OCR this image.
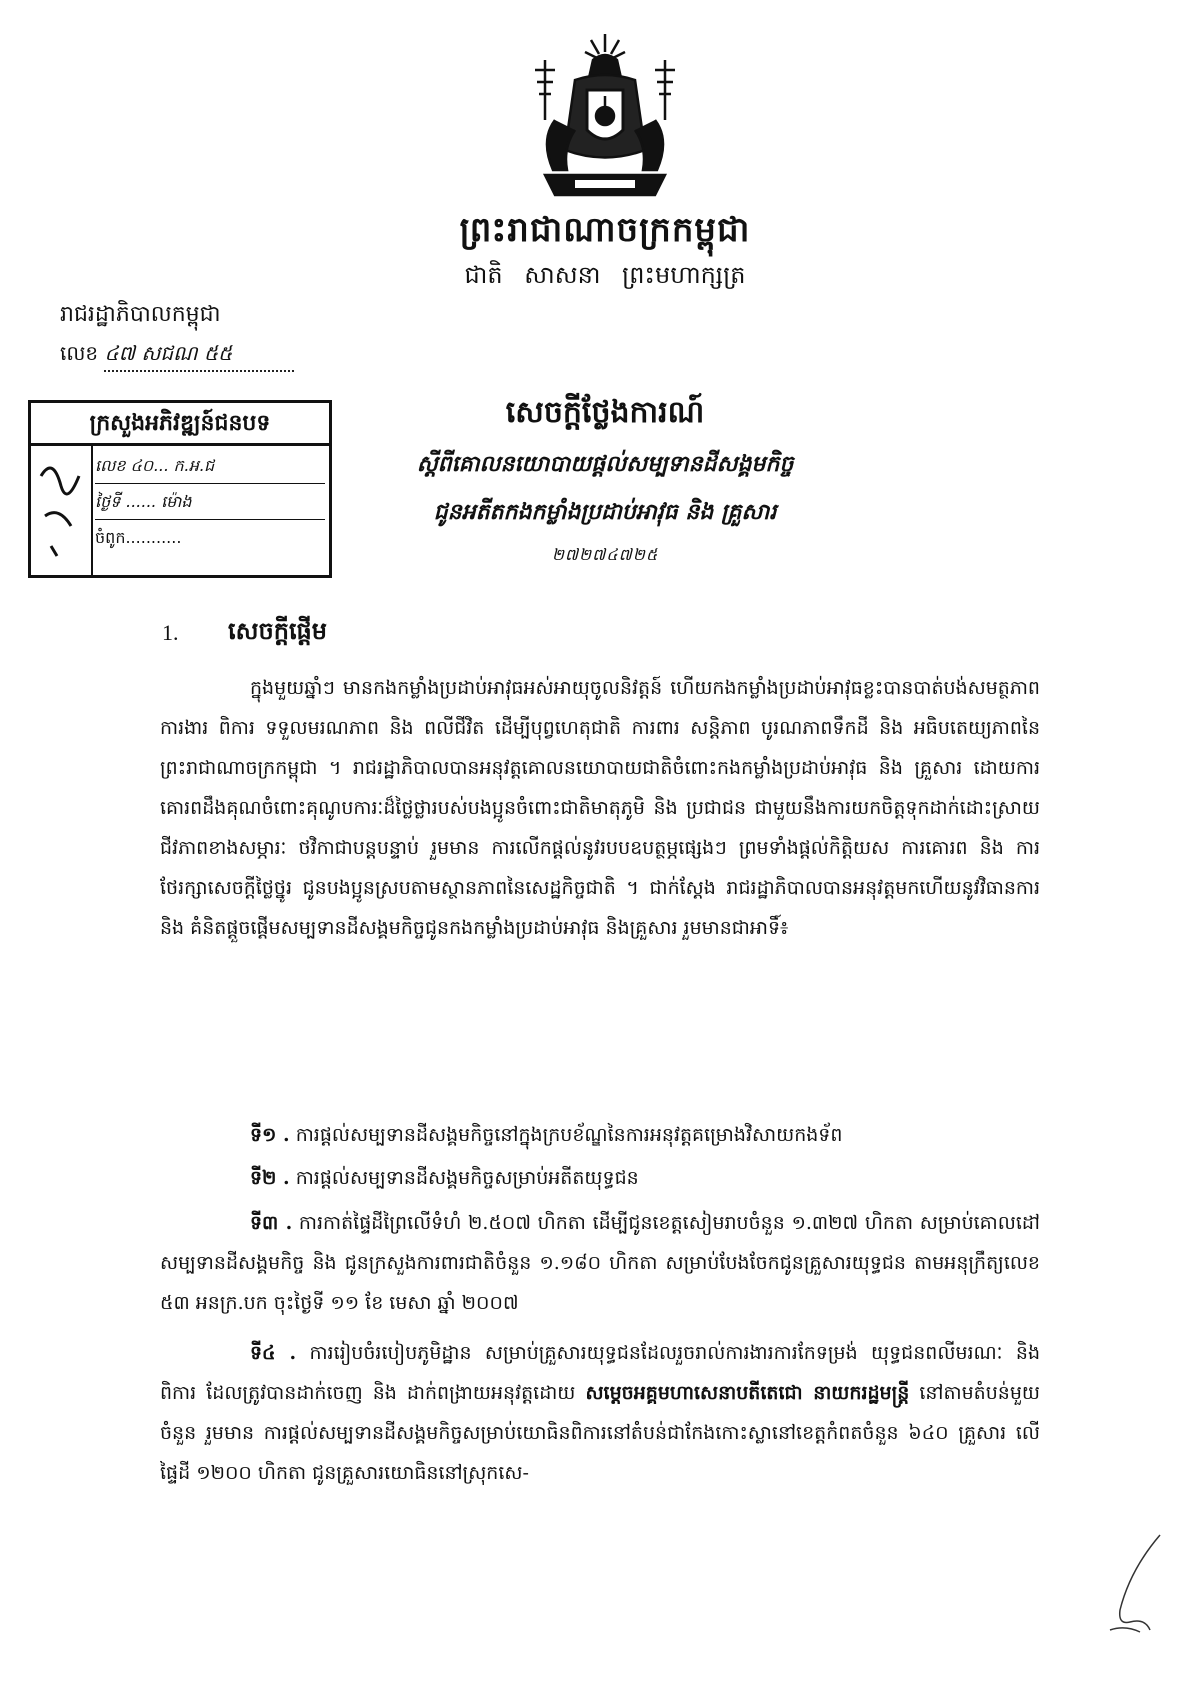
ព្រះរាជាណាចក្រកម្ពុជា
ជាតិ សាសនា ព្រះមហាក្សត្រ
រាជរដ្ឋាភិបាលកម្ពុជា
លេខ ៤៧ សជណ ៥៥
ក្រសួងអភិវឌ្ឍន៍ជនបទ
លេខ ៤០... ក.អ.ជ
ថ្ងៃទី ...... ម៉ោង
ចំពូក...........
សេចក្តីថ្លែងការណ៍
ស្តីពីគោលនយោបាយផ្តល់សម្បទានដីសង្គមកិច្ច
ជូនអតីតកងកម្លាំងប្រដាប់អាវុធ និង គ្រួសារ
២៧២៧៤៧២៥
1. សេចក្តីផ្តើម
ក្នុងមួយឆ្នាំៗ មានកងកម្លាំងប្រដាប់អាវុធអស់អាយុចូលនិវត្តន៍ ហើយកងកម្លាំងប្រដាប់អាវុធខ្លះបានបាត់បង់សមត្ថភាពការងារ ពិការ ទទួលមរណភាព និង ពលីជីវិត ដើម្បីបុព្វហេតុជាតិ ការពារ សន្តិភាព បូរណភាពទឹកដី និង អធិបតេយ្យភាពនៃព្រះរាជាណាចក្រកម្ពុជា ។ រាជរដ្ឋាភិបាលបានអនុវត្តគោលនយោបាយជាតិចំពោះកងកម្លាំងប្រដាប់អាវុធ និង គ្រួសារ ដោយការគោរពដឹងគុណចំពោះគុណូបការៈដ៏ថ្លៃថ្លារបស់បងប្អូនចំពោះជាតិមាតុភូមិ និង ប្រជាជន ជាមួយនឹងការយកចិត្តទុកដាក់ដោះស្រាយជីវភាពខាងសម្ភារៈ ថវិកាជាបន្តបន្ទាប់ រួមមាន ការលើកផ្តល់នូវរបបឧបត្ថម្ភផ្សេងៗ ព្រមទាំងផ្តល់កិត្តិយស ការគោរព និង ការថែរក្សាសេចក្តីថ្លៃថ្នូរ ជូនបងប្អូនស្របតាមស្ថានភាពនៃសេដ្ឋកិច្ចជាតិ ។ ជាក់ស្តែង រាជរដ្ឋាភិបាលបានអនុវត្តមកហើយនូវវិធានការ និង គំនិតផ្តួចផ្តើមសម្បទានដីសង្គមកិច្ចជូនកងកម្លាំងប្រដាប់អាវុធ និងគ្រួសារ រួមមានជាអាទិ៍៖
ទី១ . ការផ្តល់សម្បទានដីសង្គមកិច្ចនៅក្នុងក្របខ័ណ្ឌនៃការអនុវត្តគម្រោងវិសាយកងទ័ព
ទី២ . ការផ្តល់សម្បទានដីសង្គមកិច្ចសម្រាប់អតីតយុទ្ធជន
ទី៣ . ការកាត់ផ្ទៃដីព្រៃលើទំហំ ២.៥០៧ ហិកតា ដើម្បីជូនខេត្តសៀមរាបចំនួន ១.៣២៧ ហិកតា សម្រាប់គោលដៅសម្បទានដីសង្គមកិច្ច និង ជូនក្រសួងការពារជាតិចំនួន ១.១៨០ ហិកតា សម្រាប់បែងចែកជូនគ្រួសារយុទ្ធជន តាមអនុក្រឹត្យលេខ ៥៣ អនក្រ.បក ចុះថ្ងៃទី ១១ ខែ មេសា ឆ្នាំ ២០០៧
ទី៤ . ការរៀបចំរបៀបភូមិដ្ឋាន សម្រាប់គ្រួសារយុទ្ធជនដែលរួចរាល់ការងារការកែទម្រង់ យុទ្ធជនពលីមរណៈ និង ពិការ ដែលត្រូវបានដាក់ចេញ និង ដាក់ពង្រាយអនុវត្តដោយ សម្តេចអគ្គមហាសេនាបតីតេជោ នាយករដ្ឋមន្ត្រី នៅតាមតំបន់មួយចំនួន រួមមាន ការផ្តល់សម្បទានដីសង្គមកិច្ចសម្រាប់យោធិនពិការនៅតំបន់ជាកែងកោះស្លានៅខេត្តកំពតចំនួន ៦៤០ គ្រួសារ លើផ្ទៃដី ១២០០ ហិកតា ជូនគ្រួសារយោធិននៅស្រុកសេ-
